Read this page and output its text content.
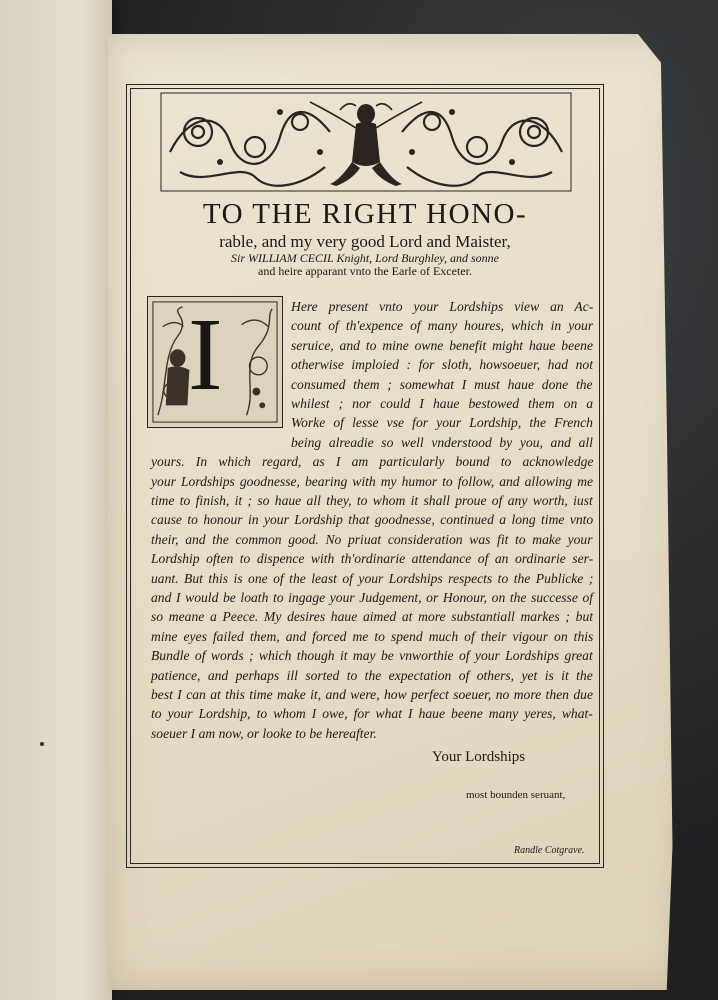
TO THE RIGHT HONO-
rable, and my very good Lord and Maister,
Sir WILLIAM CECIL Knight, Lord Burghley, and sonne
and heire apparant vnto the Earle of Exceter.
I	Here present vnto your Lordships view an Ac-
count of th'expence of many houres, which in your
seruice, and to mine owne benefit might haue beene
otherwise imploied : for sloth, howsoeuer, had not
consumed them ; somewhat I must haue done the
whilest ; nor could I haue bestowed them on a
Worke of lesse vse for your Lordship, the French
being alreadie so well vnderstood by you, and all
yours. In which regard, as I am particularly bound to acknowledge
your Lordships goodnesse, bearing with my humor to follow, and allowing me
time to finish, it ; so haue all they, to whom it shall proue of any worth, iust
cause to honour in your Lordship that goodnesse, continued a long time vnto
their, and the common good. No priuat consideration was fit to make your
Lordship often to dispence with th'ordinarie attendance of an ordinarie ser-
uant. But this is one of the least of your Lordships respects to the Publicke ;
and I would be loath to ingage your Judgement, or Honour, on the successe of
so meane a Peece. My desires haue aimed at more substantiall markes ; but
mine eyes failed them, and forced me to spend much of their vigour on this
Bundle of words ; which though it may be vnworthie of your Lordships great
patience, and perhaps ill sorted to the expectation of others, yet is it the
best I can at this time make it, and were, how perfect soeuer, no more then due
to your Lordship, to whom I owe, for what I haue beene many yeres, what-
soeuer I am now, or looke to be hereafter.
Your Lordships
most bounden seruant,
Randle Cotgrave.
